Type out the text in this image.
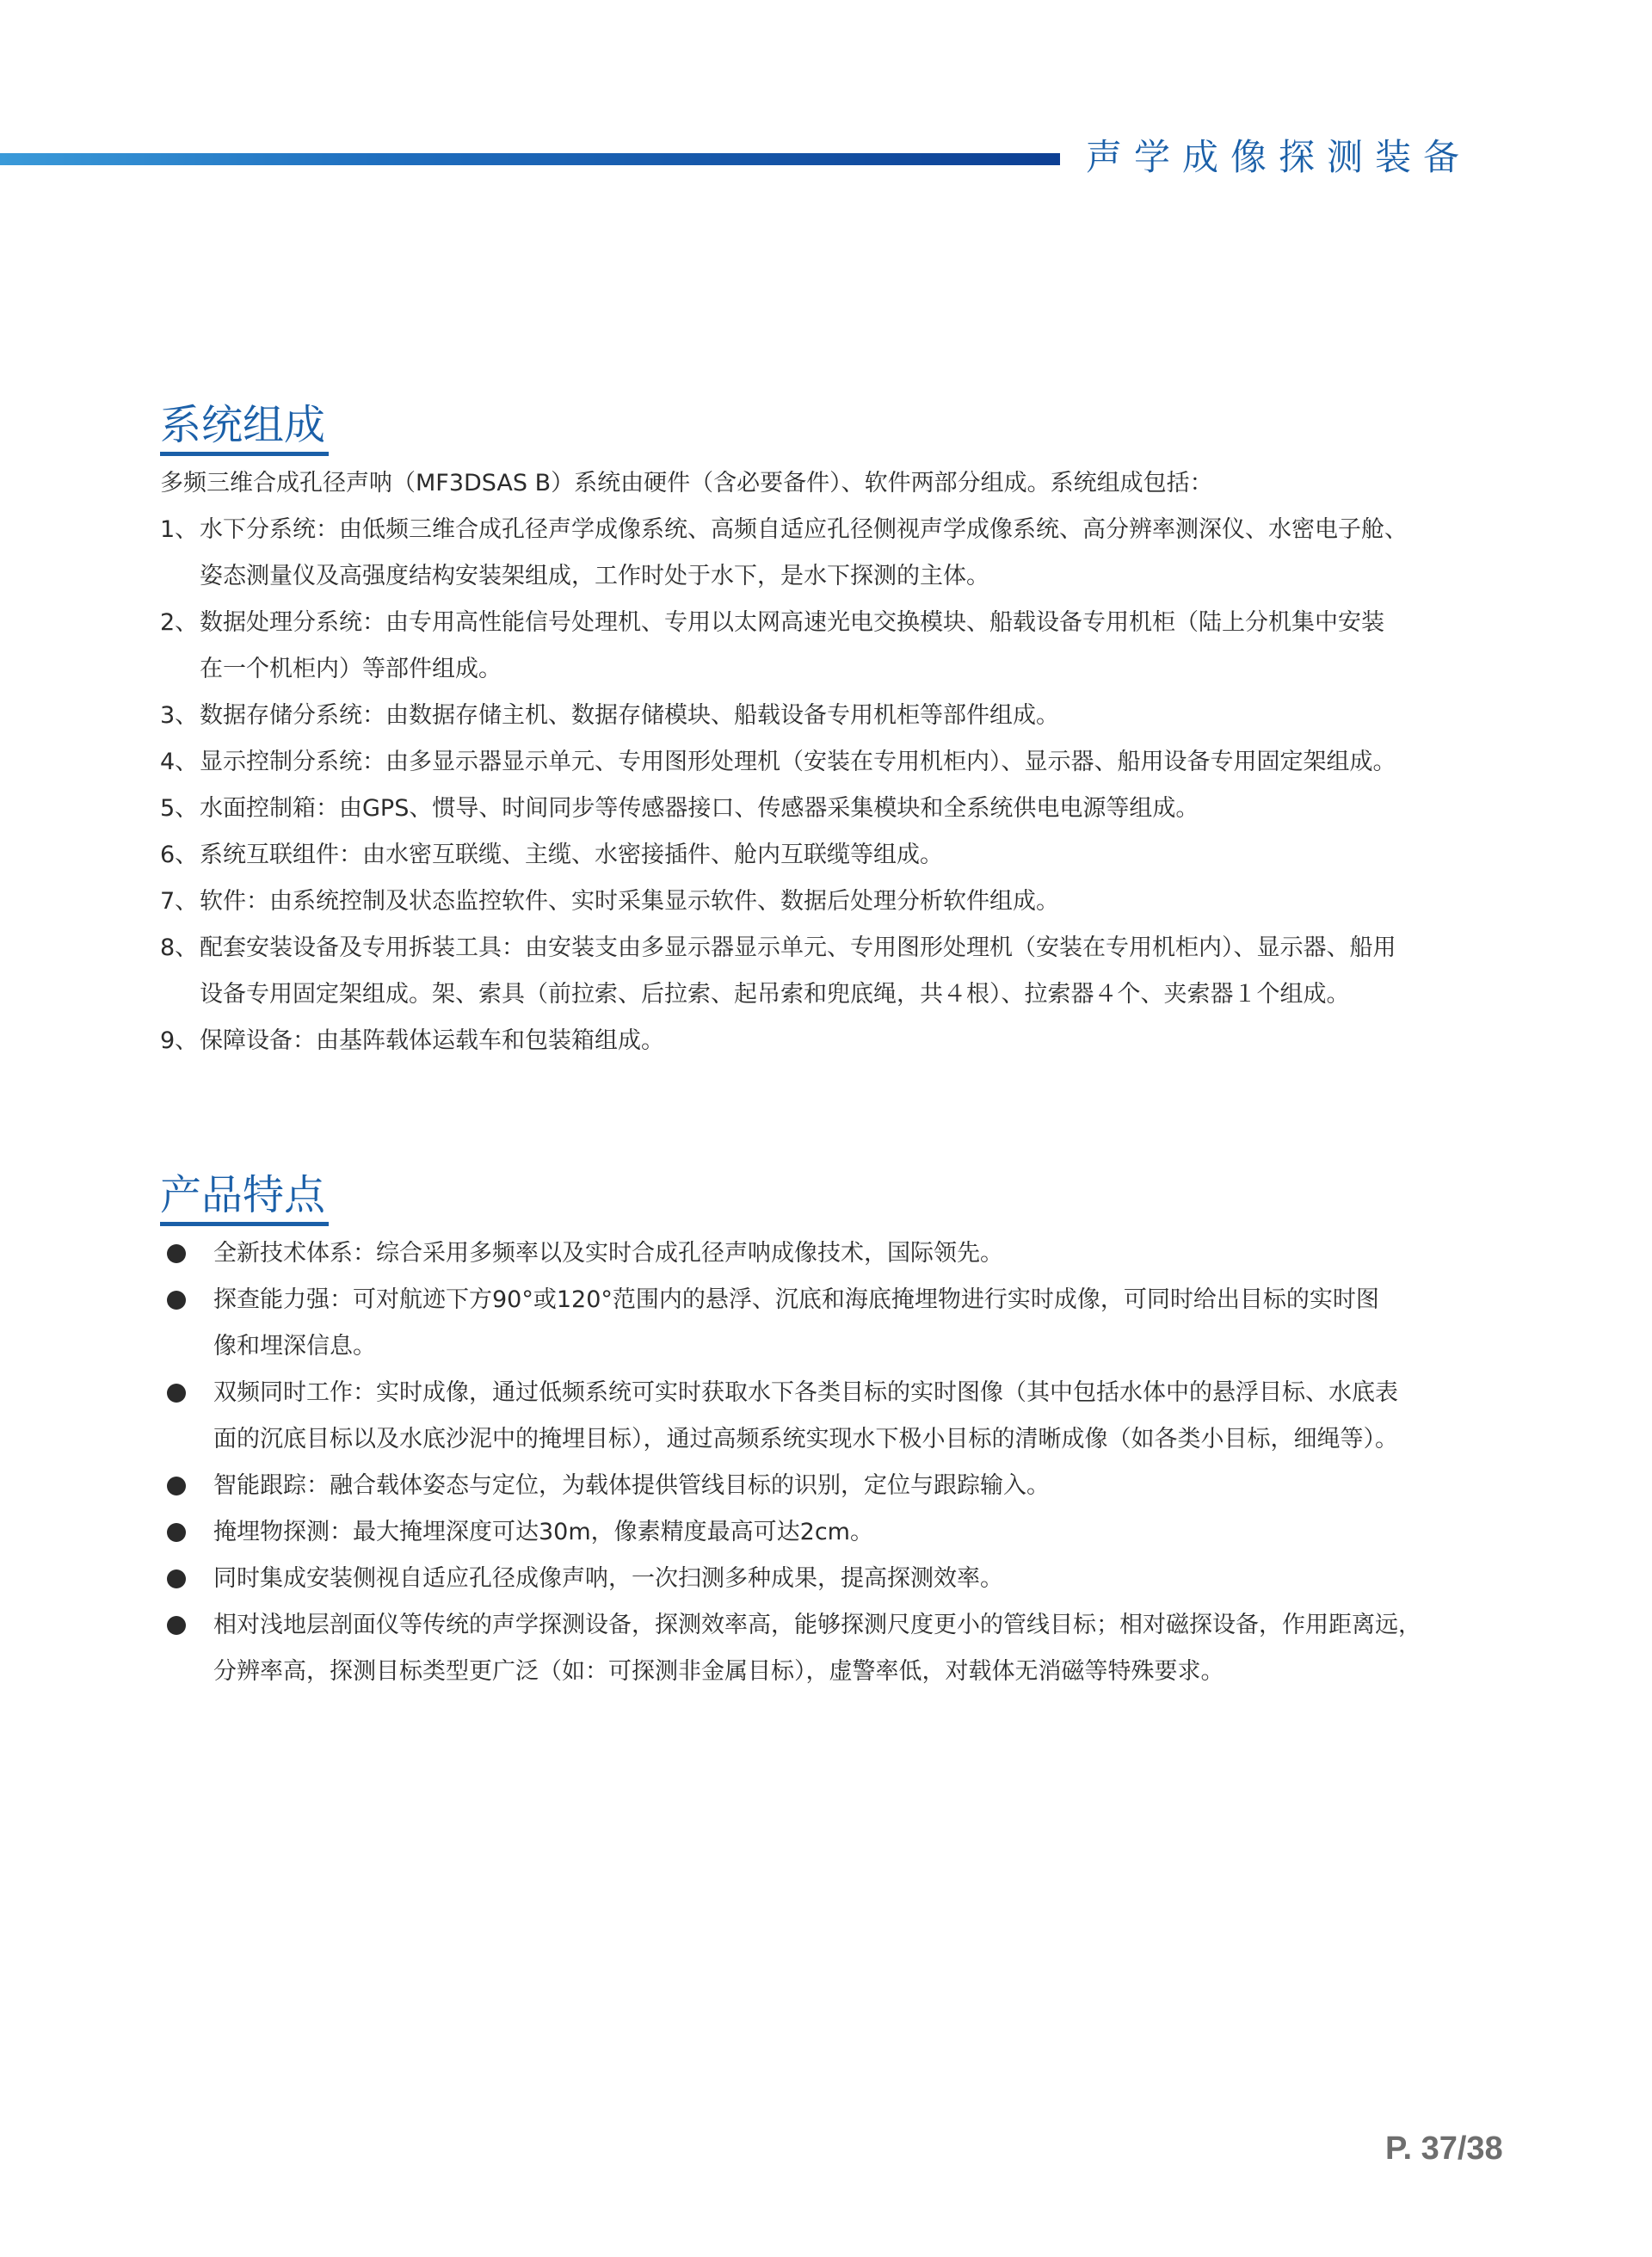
声学成像探测装备
系统组成

多频三维合成孔径声呐（MF3DSAS B）系统由硬件（含必要备件）、软件两部分组成。系统组成包括：

1、 水下分系统：由低频三维合成孔径声学成像系统、高频自适应孔径侧视声学成像系统、高分辨率测深仪、水密电子舱、
姿态测量仪及高强度结构安装架组成，工作时处于水下，是水下探测的主体。
2、 数据处理分系统：由专用高性能信号处理机、专用以太网高速光电交换模块、船载设备专用机柜（陆上分机集中安装
在一个机柜内）等部件组成。
3、 数据存储分系统：由数据存储主机、数据存储模块、船载设备专用机柜等部件组成。
4、 显示控制分系统：由多显示器显示单元、专用图形处理机（安装在专用机柜内）、显示器、船用设备专用固定架组成。
5、 水面控制箱：由GPS、惯导、时间同步等传感器接口、传感器采集模块和全系统供电电源等组成。
6、 系统互联组件：由水密互联缆、主缆、水密接插件、舱内互联缆等组成。
7、 软件：由系统控制及状态监控软件、实时采集显示软件、数据后处理分析软件组成。
8、 配套安装设备及专用拆装工具：由安装支由多显示器显示单元、专用图形处理机（安装在专用机柜内）、显示器、船用
设备专用固定架组成。架、索具（前拉索、后拉索、起吊索和兜底绳，共４根）、拉索器４个、夹索器１个组成。
9、 保障设备：由基阵载体运载车和包装箱组成。
产品特点
全新技术体系：综合采用多频率以及实时合成孔径声呐成像技术，国际领先。
探查能力强：可对航迹下方90°或120°范围内的悬浮、沉底和海底掩埋物进行实时成像，可同时给出目标的实时图
像和埋深信息。
双频同时工作：实时成像，通过低频系统可实时获取水下各类目标的实时图像（其中包括水体中的悬浮目标、水底表
面的沉底目标以及水底沙泥中的掩埋目标），通过高频系统实现水下极小目标的清晰成像（如各类小目标，细绳等）。
智能跟踪：融合载体姿态与定位，为载体提供管线目标的识别，定位与跟踪输入。
掩埋物探测：最大掩埋深度可达30m，像素精度最高可达2cm。
同时集成安装侧视自适应孔径成像声呐，一次扫测多种成果，提高探测效率。
相对浅地层剖面仪等传统的声学探测设备，探测效率高，能够探测尺度更小的管线目标；相对磁探设备，作用距离远，
分辨率高，探测目标类型更广泛（如：可探测非金属目标），虚警率低，对载体无消磁等特殊要求。
P. 37/38
